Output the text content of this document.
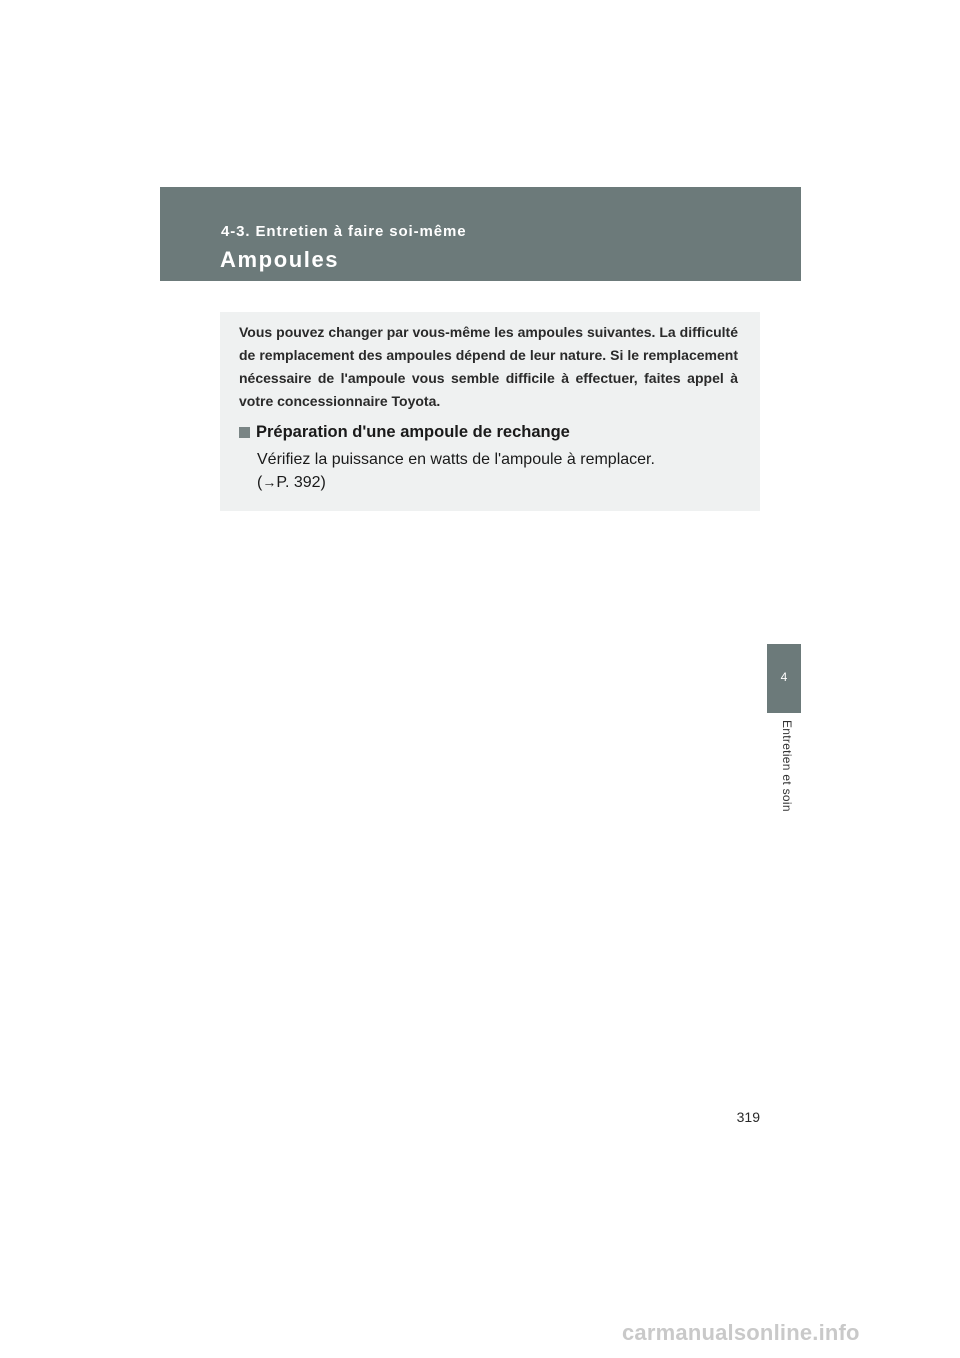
4-3. Entretien à faire soi-même
Ampoules

Vous pouvez changer par vous-même les ampoules suivantes. La difficulté de remplacement des ampoules dépend de leur nature. Si le remplacement nécessaire de l'ampoule vous semble difficile à effectuer, faites appel à votre concessionnaire Toyota.

Préparation d'une ampoule de rechange

Vérifiez la puissance en watts de l'ampoule à remplacer.

(→P. 392)

4
Entretien et soin
319
carmanualsonline.info
